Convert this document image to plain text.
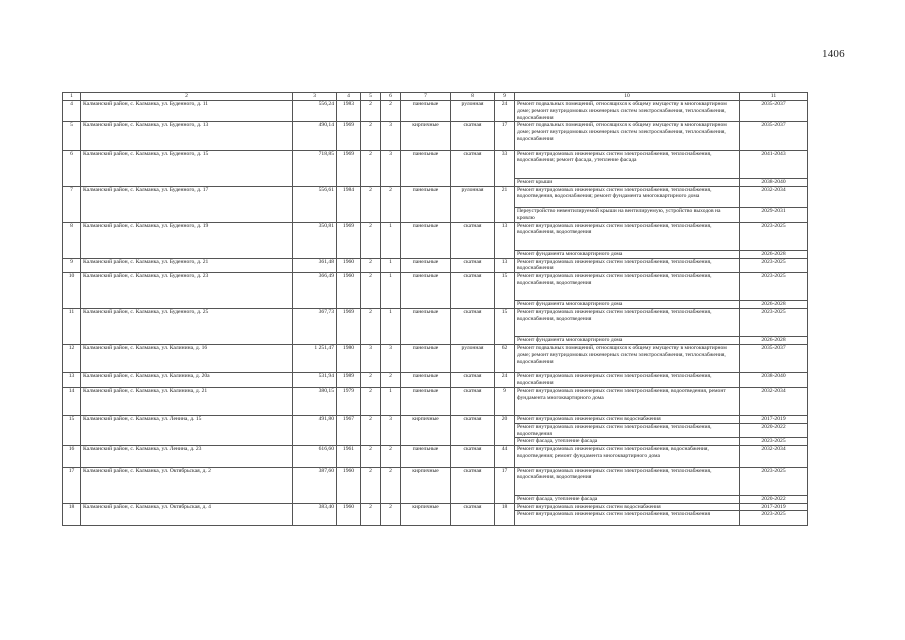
1406
1	2	3	4	5	6	7	8	9	10	11
4	Калманский район, с. Калманка, ул. Буденного, д. 11	556,24	1983	2	2	панельные	рулонная	24	Ремонт подвальных помещений, относящихся к общему имуществу в многоквартирном доме; ремонт внутридомовых инженерных систем электроснабжения, теплоснабжения, водоснабжения	2035-2037
5	Калманский район, с. Калманка, ул. Буденного, д. 13	490,14	1969	2	3	кирпичные	скатная	17	Ремонт подвальных помещений, относящихся к общему имуществу в многоквартирном доме; ремонт внутридомовых инженерных систем электроснабжения, теплоснабжения, водоснабжения	2035-2037
6	Калманский район, с. Калманка, ул. Буденного, д. 15	718,85	1969	2	3	панельные	скатная	33	Ремонт внутридомовых инженерных систем электроснабжения, теплоснабжения, водоснабжения; ремонт фасада, утепление фасада	2041-2043
									Ремонт крыши	2038-2040
7	Калманский район, с. Калманка, ул. Буденного, д. 17	556,61	1984	2	2	панельные	рулонная	21	Ремонт внутридомовых инженерных систем электроснабжения, теплоснабжения, водоотведения, водоснабжения; ремонт фундамента многоквартирного дома	2032-2034
									Переустройство невентилируемой крыши на вентилируемую, устройство выходов на кровлю	2029-2031
8	Калманский район, с. Калманка, ул. Буденного, д. 19	350,81	1969	2	1	панельные	скатная	13	Ремонт внутридомовых инженерных систем электроснабжения, теплоснабжения, водоснабжения, водоотведения	2023-2025
									Ремонт фундамента многоквартирного дома	2026-2028
9	Калманский район, с. Калманка, ул. Буденного, д. 21	361,48	1960	2	1	панельные	скатная	13	Ремонт внутридомовых инженерных систем электроснабжения, теплоснабжения, водоснабжения	2023-2025
10	Калманский район, с. Калманка, ул. Буденного, д. 23	366,49	1960	2	1	панельные	скатная	15	Ремонт внутридомовых инженерных систем электроснабжения, теплоснабжения, водоснабжения, водоотведения	2023-2025
									Ремонт фундамента многоквартирного дома	2026-2028
11	Калманский район, с. Калманка, ул. Буденного, д. 25	367,73	1969	2	1	панельные	скатная	15	Ремонт внутридомовых инженерных систем электроснабжения, теплоснабжения, водоснабжения, водоотведения	2023-2025
									Ремонт фундамента многоквартирного дома	2026-2028
12	Калманский район, с. Калманка, ул. Калинина, д. 16	1 251,47	1980	3	3	панельные	рулонная	62	Ремонт подвальных помещений, относящихся к общему имуществу в многоквартирном доме; ремонт внутридомовых инженерных систем электроснабжения, теплоснабжения, водоснабжения	2035-2037
13	Калманский район, с. Калманка, ул. Калинина, д. 20а	531,94	1989	2	2	панельные	скатная	24	Ремонт внутридомовых инженерных систем электроснабжения, теплоснабжения, водоснабжения	2038-2040
14	Калманский район, с. Калманка, ул. Калинина, д. 21	380,15	1979	2	1	панельные	скатная	9	Ремонт внутридомовых инженерных систем электроснабжения, водоотведения, ремонт фундамента многоквартирного дома	2032-2034
15	Калманский район, с. Калманка, ул. Ленина, д. 15	491,80	1967	2	3	кирпичные	скатная	20	Ремонт внутридомовых инженерных систем водоснабжения	2017-2019
									Ремонт внутридомовых инженерных систем электроснабжения, теплоснабжения, водоотведения	2020-2022
									Ремонт фасада, утепление фасада	2023-2025
16	Калманский район, с. Калманка, ул. Ленина, д. 23	616,60	1961	2	2	панельные	скатная	44	Ремонт внутридомовых инженерных систем электроснабжения, водоснабжения, водоотведения; ремонт фундамента многоквартирного дома	2032-2034
17	Калманский район, с. Калманка, ул. Октябрьская, д. 2	387,60	1960	2	2	кирпичные	скатная	17	Ремонт внутридомовых инженерных систем электроснабжения, теплоснабжения, водоснабжения, водоотведения	2023-2025
									Ремонт фасада, утепление фасада	2020-2022
18	Калманский район, с. Калманка, ул. Октябрьская, д. 4	383,40	1960	2	2	кирпичные	скатная	18	Ремонт внутридомовых инженерных систем водоснабжения	2017-2019
									Ремонт внутридомовых инженерных систем электроснабжения, теплоснабжения	2023-2025
